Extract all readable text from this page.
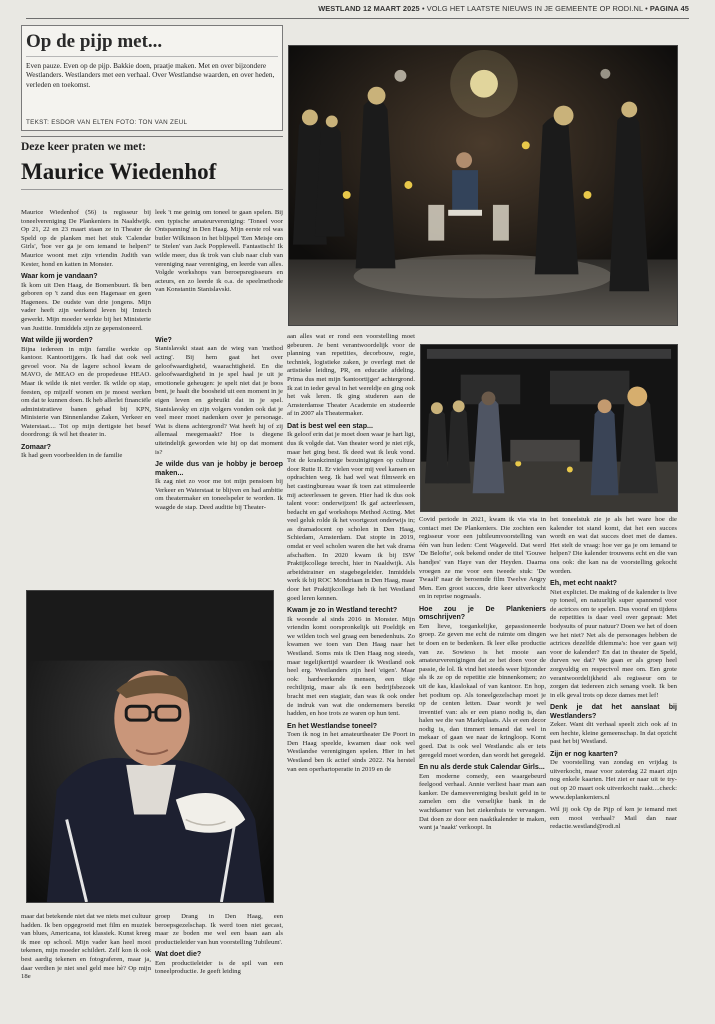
WESTLAND 12 MAART 2025 • VOLG HET LAATSTE NIEUWS IN JE GEMEENTE OP RODI.NL • PAGINA 45
Op de pijp met...

Even pauze. Even op de pijp. Bakkie doen, praatje maken. Met en over bijzondere Westlanders. Westlanders met een verhaal. Over Westlandse waarden, en over heden, verleden en toekomst.

TEKST: ESDOR VAN ELTEN FOTO: TON VAN ZEUL
Deze keer praten we met:
Maurice Wiedenhof

Maurice Wiedenhof (56) is regisseur bij toneelvereniging De Plankeniers in Naaldwijk. Op 21, 22 en 23 maart staan ze in Theater de Speld op de planken met het stuk 'Calendar Girls', 'hoe ver ga je om iemand te helpen?' Maurice woont met zijn vriendin Judith van Kester, hond en katten in Monster.

Waar kom je vandaan?

Ik kom uit Den Haag, de Bomenbuurt. Ik ben geboren op 't zand dus een Hagenaar en geen Hagenees. De oudste van drie jongens. Mijn vader heeft zijn werkend leven bij Imtech gewerkt. Mijn moeder werkte bij het Ministerie van Justitie. Inmiddels zijn ze gepensioneerd.

Wat wilde jij worden?

Bijna iedereen in mijn familie werkte op kantoor. Kantoortijgers. Ik had dat ook wel gevoel voor. Na de lagere school kwam de MAVO, de MEAO en de propedeuse HEAO. Maar ik wilde ik niet verder. Ik wilde op stap, feesten, op mijzelf wonen en je moest werken om dat te kunnen doen. Ik heb allerlei financiële administratieve banen gehad bij KPN, Ministerie van Binnenlandse Zaken, Verkeer en Waterstaat.... Tot op mijn dertigste het besef doordrong: ik wil het theater in.

Zomaar?

Ik had geen voorbeelden in de familie

leek 't me geinig om toneel te gaan spelen. Bij een typische amateurvereniging: 'Toneel voor Ontspanning' in Den Haag. Mijn eerste rol was butler Wilkinson in het blijspel 'Een Meisje om te Stelen' van Jack Popplewell. Fantastisch! Ik wilde meer, dus ik trok van club naar club van vereniging naar vereniging, en leerde van alles. Volgde workshops van beroepsregisseurs en acteurs, en zo leerde ik o.a. de speelmethode van Konstantin Stanislavski.

Wie?

Stanislavski staat aan de wieg van 'method acting'. Bij hem gaat het over geloofwaardigheid, waarachtigheid. En die geloofwaardigheid in je spel haal je uit je emotionele geheugen: je spelt niet dat je boos bent, je haalt die boosheid uit een moment in je eigen leven en gebruikt dat in je spel. Stanislavsky en zijn volgers vonden ook dat je veel meer moet nadenken over je personage. Wat is diens achtergrond? Wat heeft hij of zij allemaal meegemaakt? Hoe is diegene uiteindelijk geworden wie hij op dat moment is?

Je wilde dus van je hobby je beroep maken...

Ik zag niet zo voor me tot mijn pensioen bij Verkeer en Waterstaat te blijven en had ambitie om theatermaker en toneelspeler te worden. Ik waagde de stap. Deed auditie bij Theater-

aan alles wat er rond een voorstelling moet gebeuren. Je bent verantwoordelijk voor de planning van repetities, decorbouw, regie, techniek, logistieke zaken, je overlegt met de artistieke leiding, PR, en educatie afdeling. Prima dus met mijn 'kantoortijger' achtergrond. Ik zat in ieder geval in het wereldje en ging ook het vak leren. Ik ging studeren aan de Amsterdamse Theater Academie en studeerde af in 2007 als Theatermaker.

Dat is best wel een stap...

Ik geloof erin dat je moet doen waar je hart ligt, dus ik volgde dat. Van theater word je niet rijk, maar het ging best. Ik deed wat ik leuk vond. Tot de krankzinnige bezuinigingen op cultuur door Rutte II. Er vielen voor mij veel kansen en opdrachten weg. Ik had wel wat filmwerk en het castingbureau waar ik toen zat stimuleerde mij acteerlessen te geven. Hier had ik dus ook talent voor: onderwijzen! Ik gaf acteerlessen, bedacht en gaf workshops Method Acting. Met veel geluk rolde ik het voortgezet onderwijs in; as dramadocent op scholen in Den Haag, Schiedam, Amsterdam. Dat stopte in 2019, omdat er veel scholen waren die het vak drama afschaften. In 2020 kwam ik bij ISW Praktijkcollege terecht, hier in Naaldwijk. Als arbeidstrainer en stagebegeleider. Inmiddels werk ik bij ROC Mondriaan in Den Haag, maar door het Praktijkcollege heb ik het Westland goed leren kennen.

Kwam je zo in Westland terecht?

Ik woonde al sinds 2016 in Monster. Mijn vriendin komt oorspronkelijk uit Poeldijk en we wilden toch wel graag een benedenhuis. Zo kwamen we toen van Den Haag naar het Westland. Soms mis ik Den Haag nog steeds, maar tegelijkertijd waardeer ik Westland ook heel erg. Westlanders zijn heel 'eigen'. Maar ook: hardwerkende mensen, een tikje rechtlijnig, maar als ik een bedrijfsbezoek bracht met een stagiair, dan was ik ook onder de indruk van wat die ondernemers bereikt hadden, en hoe trots ze waren op hun tent.

En het Westlandse toneel?

Toen ik nog in het amateurtheater De Poort in Den Haag speelde, kwamen daar ook wel Westlandse verenigingen spelen. Hier in het Westland ben ik actief sinds 2022. Na herstel van een operhartoperatie in 2019 en de

Covid periode in 2021, kwam ik via via in contact met De Plankeniers. Die zochten een regisseur voor een jubileumvoorstelling van één van hun leden: Cent Wageveld. Dat werd 'De Belofte', ook bekend onder de titel 'Gouwe handjes' van Haye van der Heyden. Daarna vroegen ze me voor een tweede stuk: 'De Twaalf' naar de beroemde film Twelve Angry Men. Een groot succes, drie keer uitverkocht en in reprise nogmaals.

Hoe zou je De Plankeniers omschrijven?

Een lieve, toegankelijke, gepassioneerde groep. Ze geven me echt de ruimte om dingen te doen en te bedenken. Ik leer elke productie van ze. Sowieso is het mooie aan amateurverenigingen dat ze het doen voor de passie, de lol. Ik vind het steeds weer bijzonder als ik ze op de repetitie zie binnenkomen; zo uit de kas, klaslokaal of van kantoor. En hop, het podium op. Als toneelgezelschap moet je op de centen letten. Daar wordt je wel inventief van: als er een piano nodig is, dan halen we die van Marktplaats. Als er een decor nodig is, dan timmert iemand dat wel in mekaar of gaan we naar de kringloop. Komt goed. Dat is ook wel Westlands: als er iets geregeld moet worden, dan wordt het geregeld.

En nu als derde stuk Calendar Girls...

Een moderne comedy, een waargebeurd feelgood verhaal. Annie verliest haar man aan kanker. De damesvereniging besluit geld in te zamelen om die verselijke bank in de wachtkamer van het ziekenhuis te vervangen. Dat doen ze door een naaktkalender te maken, want ja 'naakt' verkoopt. In

het toneelstuk zie je als het ware hoe die kalender tot stand komt, dat het een succes wordt en wat dat succes doet met de dames. Het stelt de vraag: hoe ver ga je om iemand te helpen? Die kalender trouwens echt en die van ons ook: die kan na de voorstelling gekocht worden.

Eh, met echt naakt?

Niet expliciet. De making of de kalender is live op toneel, en natuurlijk super spannend voor de actrices om te spelen. Dus vooraf en tijdens de repetities is daar veel over gepraat: Met bodysuits of puur natuur? Doen we het of doen we het niet? Net als de personages hebben de actrices dezelfde dilemma's: hoe ver gaan wij voor de kalender? En dat in theater de Speld, durven we dat? We gaan er als groep heel zorgvuldig en respectvol mee om. Een grote verantwoordelijkheid als regisseur om te zorgen dat iedereen zich senang voelt. Ik ben in elk geval trots op deze dames met lef!

Denk je dat het aanslaat bij Westlanders?

Zeker. Want dit verhaal speelt zich ook af in een hechte, kleine gemeenschap. In dat opzicht past het bij Westland.

Zijn er nog kaarten?

De voorstelling van zondag en vrijdag is uitverkocht, maar voor zaterdag 22 maart zijn nog enkele kaarten. Het ziet er naar uit te try-out op 20 maart ook uitverkocht raakt....check: www.deplankeniers.nl

Wil jij ook Op de Pijp of ken je iemand met een mooi verhaal? Mail dan naar redactie.westland@rodi.nl

maar dat betekende niet dat we niets met cultuur hadden. Ik ben opgegroeid met film en muziek van blues, Americana, tot klassiek. Kunst kreeg ik mee op school. Mijn vader kan heel mooi tekenen, mijn moeder schildert. Zelf kon ik ook best aardig tekenen en fotograferen, maar ja, daar verdien je niet snel geld mee hè? Op mijn 18e

groep Drang in Den Haag, een beroepsgezelschap. Ik werd toen niet gecast, maar ze boden me wel een baan aan als productieleider van hun voorstelling 'Jubileum'.

Wat doet die?

Een productieleider is de spil van een toneelproductie. Je geeft leiding
